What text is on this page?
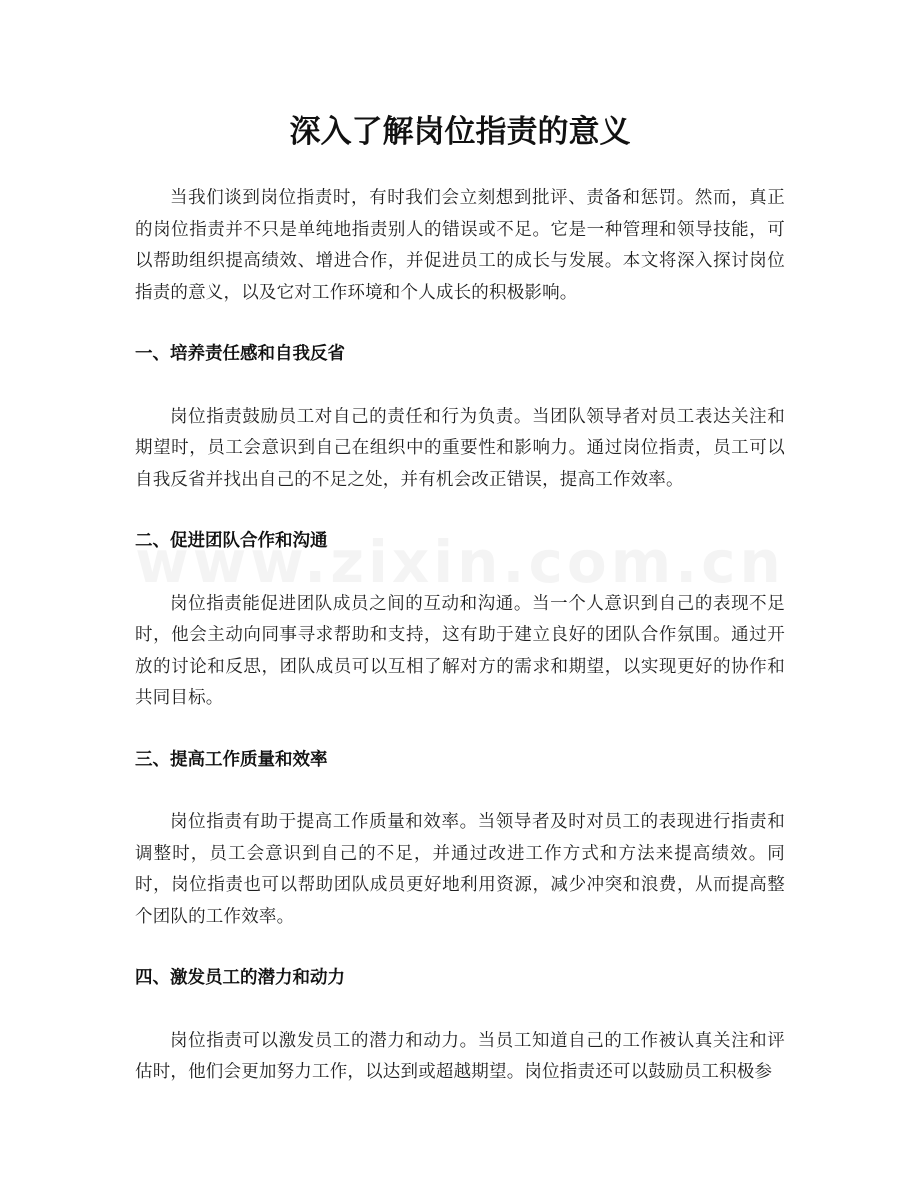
深入了解岗位指责的意义

当我们谈到岗位指责时，有时我们会立刻想到批评、责备和惩罚。然而，真正的岗位指责并不只是单纯地指责别人的错误或不足。它是一种管理和领导技能，可以帮助组织提高绩效、增进合作，并促进员工的成长与发展。本文将深入探讨岗位指责的意义，以及它对工作环境和个人成长的积极影响。

一、培养责任感和自我反省

岗位指责鼓励员工对自己的责任和行为负责。当团队领导者对员工表达关注和期望时，员工会意识到自己在组织中的重要性和影响力。通过岗位指责，员工可以自我反省并找出自己的不足之处，并有机会改正错误，提高工作效率。

二、促进团队合作和沟通

岗位指责能促进团队成员之间的互动和沟通。当一个人意识到自己的表现不足时，他会主动向同事寻求帮助和支持，这有助于建立良好的团队合作氛围。通过开放的讨论和反思，团队成员可以互相了解对方的需求和期望，以实现更好的协作和共同目标。

三、提高工作质量和效率

岗位指责有助于提高工作质量和效率。当领导者及时对员工的表现进行指责和调整时，员工会意识到自己的不足，并通过改进工作方式和方法来提高绩效。同时，岗位指责也可以帮助团队成员更好地利用资源，减少冲突和浪费，从而提高整个团队的工作效率。

四、激发员工的潜力和动力

岗位指责可以激发员工的潜力和动力。当员工知道自己的工作被认真关注和评估时，他们会更加努力工作，以达到或超越期望。岗位指责还可以鼓励员工积极参
